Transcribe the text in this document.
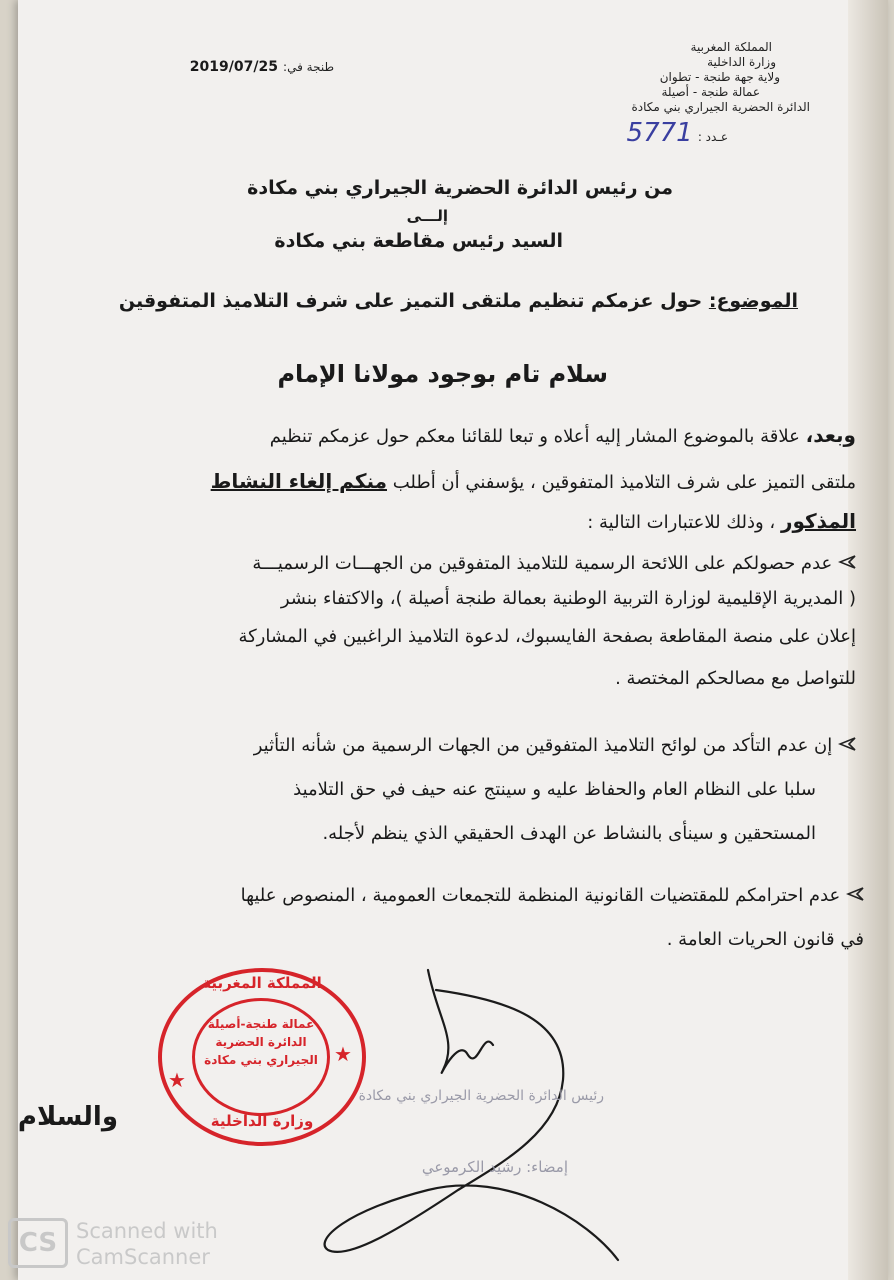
المملكة المغربية
وزارة الداخلية
ولاية جهة طنجة - تطوان
عمالة طنجة - أصيلة
الدائرة الحضرية الجيراري بني مكادة
عـدد : 5771
طنجة في: 2019/07/25
من رئيس الدائرة الحضرية الجيراري بني مكادة
إلـــى
السيد رئيس مقاطعة بني مكادة
الموضوع: حول عزمكم تنظيم ملتقى التميز على شرف التلاميذ المتفوقين
سلام تام بوجود مولانا الإمام
وبعد، علاقة بالموضوع المشار إليه أعلاه و تبعا للقائنا معكم حول عزمكم تنظيم
ملتقى التميز على شرف التلاميذ المتفوقين ، يؤسفني أن أطلب منكم إلغاء النشاط
المذكور ، وذلك للاعتبارات التالية :
عدم حصولكم على اللائحة الرسمية للتلاميذ المتفوقين من الجهـــات الرسميـــة
( المديرية الإقليمية لوزارة التربية الوطنية بعمالة طنجة أصيلة )، والاكتفاء بنشر
إعلان على منصة المقاطعة بصفحة الفايسبوك، لدعوة التلاميذ الراغبين في المشاركة
للتواصل مع مصالحكم المختصة .
إن عدم التأكد من لوائح التلاميذ المتفوقين من الجهات الرسمية من شأنه التأثير
سلبا على النظام العام والحفاظ عليه و سينتج عنه حيف في حق التلاميذ
المستحقين و سينأى بالنشاط عن الهدف الحقيقي الذي ينظم لأجله.
عدم احترامكم للمقتضيات القانونية المنظمة للتجمعات العمومية ، المنصوص عليها
في قانون الحريات العامة .
المملكة المغربية
عمالة طنجة-أصيلة
الدائرة الحضرية
الجيراري بني مكادة
وزارة الداخلية
★
★
رئيس الدائرة الحضرية الجيراري بني مكادة
إمضاء: رشيد الكرموعي
والسلام
CS Scanned with
CamScanner
